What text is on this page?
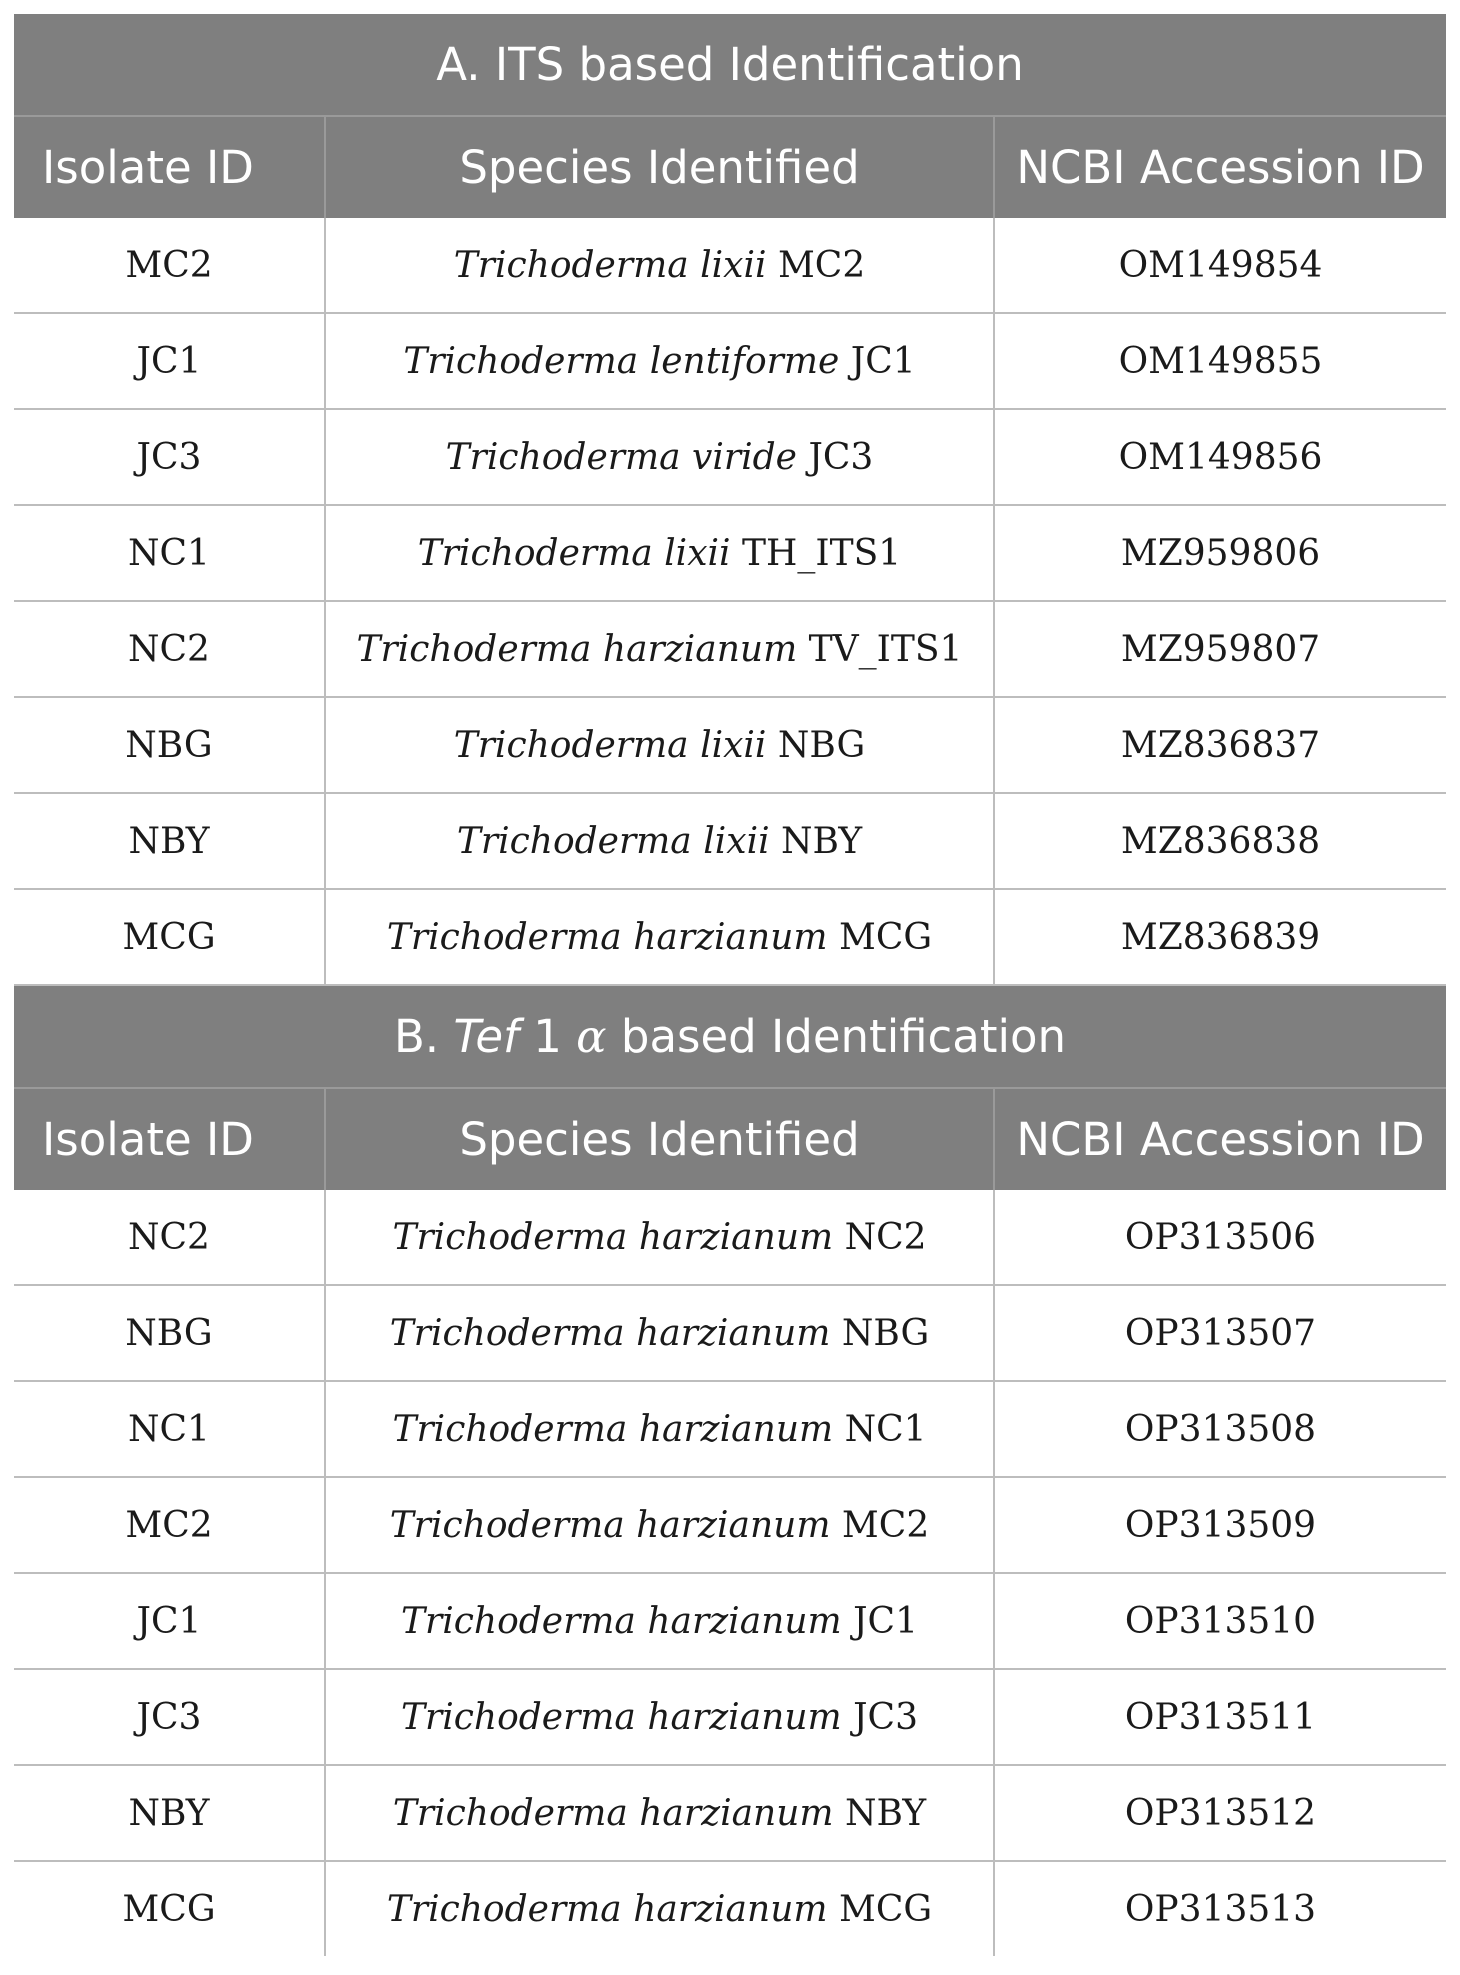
A. ITS based Identification		
Isolate ID	Species Identified	NCBI Accession ID
MC2	Trichoderma lixii MC2	OM149854
JC1	Trichoderma lentiforme JC1	OM149855
JC3	Trichoderma viride JC3	OM149856
NC1	Trichoderma lixii TH_ITS1	MZ959806
NC2	Trichoderma harzianum TV_ITS1	MZ959807
NBG	Trichoderma lixii NBG	MZ836837
NBY	Trichoderma lixii NBY	MZ836838
MCG	Trichoderma harzianum MCG	MZ836839
B. Tef 1 α based Identification		
Isolate ID	Species Identified	NCBI Accession ID
NC2	Trichoderma harzianum NC2	OP313506
NBG	Trichoderma harzianum NBG	OP313507
NC1	Trichoderma harzianum NC1	OP313508
MC2	Trichoderma harzianum MC2	OP313509
JC1	Trichoderma harzianum JC1	OP313510
JC3	Trichoderma harzianum JC3	OP313511
NBY	Trichoderma harzianum NBY	OP313512
MCG	Trichoderma harzianum MCG	OP313513
